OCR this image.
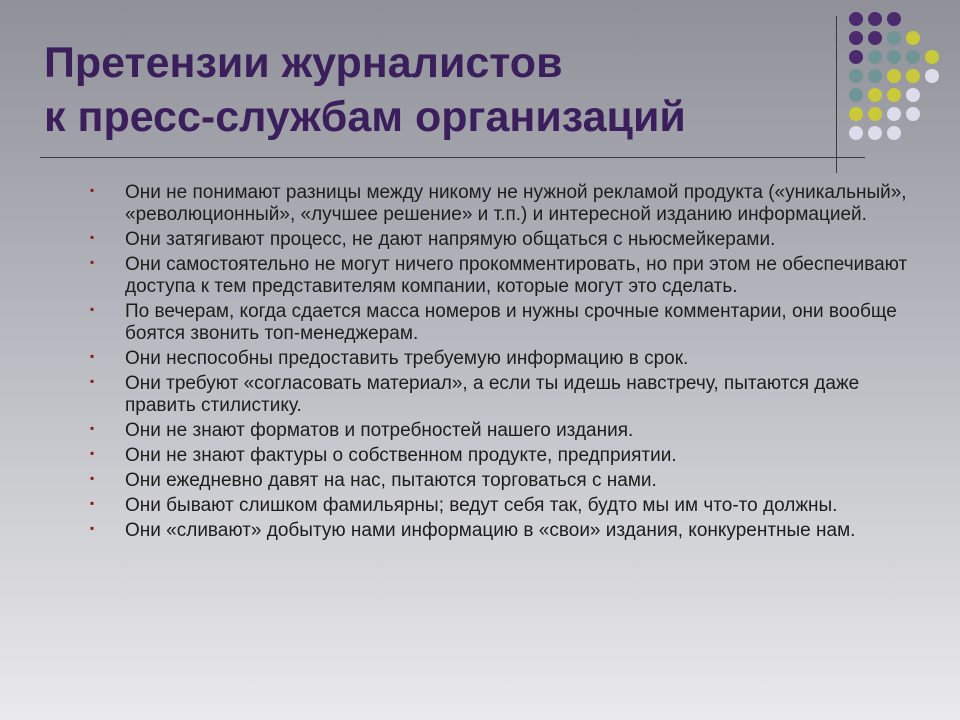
Претензии журналистов
к пресс-службам организаций
▪ Они не понимают разницы между никому не нужной рекламой продукта («уникальный», «революционный», «лучшее решение» и т.п.) и интересной изданию информацией.
▪ Они затягивают процесс, не дают напрямую общаться с ньюсмейкерами.
▪ Они самостоятельно не могут ничего прокомментировать, но при этом не обеспечивают доступа к тем представителям компании, которые могут это сделать.
▪ По вечерам, когда сдается масса номеров и нужны срочные комментарии, они вообще боятся звонить топ-менеджерам.
▪ Они неспособны предоставить требуемую информацию в срок.
▪ Они требуют «согласовать материал», а если ты идешь навстречу, пытаются даже править стилистику.
▪ Они не знают форматов и потребностей нашего издания.
▪ Они не знают фактуры о собственном продукте, предприятии.
▪ Они ежедневно давят на нас, пытаются торговаться с нами.
▪ Они бывают слишком фамильярны; ведут себя так, будто мы им что-то должны.
▪ Они «сливают» добытую нами информацию в «свои» издания, конкурентные нам.
